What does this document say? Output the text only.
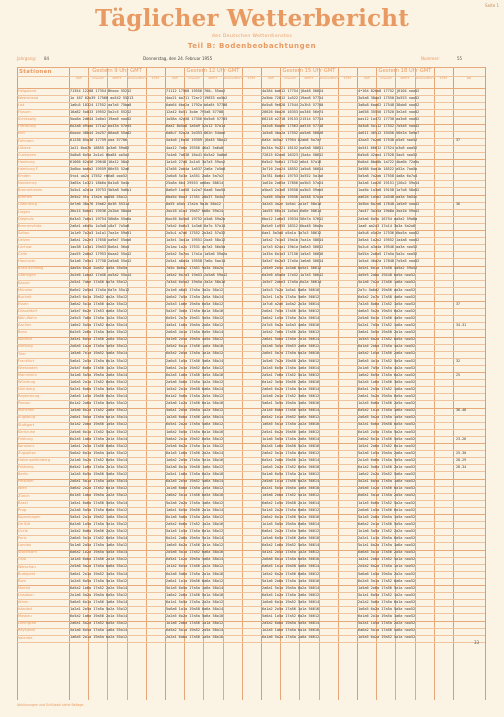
Seite 1
Täglicher Wetterbericht
des Deutschen Wetterdienstes
Teil B: Bodenbeobachtungen
Jahrgang: 84	Donnerstag, den 24. Februar 1955	Nummer:	55
Stationen	Gestern 9 Uhr GMT
ddff	VVwwW	PPPTT	NhCLhCMCH	TdTd
Gestern 12 Uhr GMT
ddff	VVwwW	PPPTT	NhCLhCMCH	TdTd
Gestern 15 Uhr GMT
ddff	VVwwW	PPPTT	NhCLhCMCH	TdTd
Gestern 18 Uhr GMT
ddff	VVwwW	PPPTT	NhCLhCMCH	TdTd	RR
Helgoland	71354 12208 17354 Bhooo 55212	71112 17568 19556 760— 55ao2	4o284 ba612 17754 ]6a48 56624	4•164 82kb8 17752 ]6104 noo52
Westerland	1o 167 62o39 17560 ao542 55213	4oo21 ba711 72ar2 19833 oo5o2	2o5bb 72812 1o522 19ao8 57714	3o5a8 38aa3 17550 3o553 nao52
List	1a6u5 18324 17552 aa7a5 75ba8	6ab64 6be2a 1792a b6a8t 57708	6o5o8 9e828 17544 2u3h5 57740	3a8o8 6ao62 17548 38ob6 noo52
Husum	16a82 5o833 19552 5o2c5 55212	12a42 6o51 3o4m 7f5a8 57708	26626 6bo26 16353 oo346 56e74	1a658 35556 17520 3e2a5 noo52
Schleswig	5oo8a 2d644 2o6a1 19ao6 noo52	1o58a 42g58 17356 6o5o6 57703	66218 o2718 19153 21514 57714	oas12 1o472 17730 aa3o6 noo52
Flensburg	6o2a8 o94ao 171a2 bo43a 57e94	6aa2 8o5a8 1a5a9 52o12 57a14	5a2o8 6ao6b 17563 aa516 57718	5a3o8 5o112 17552 7o5a5 noo52
Kiel	6oooo 48844 2o257 86ao8 55a82	6a8u7 52o2a 2o353 862n 54ao6	1o5o8 4ba2a 17552 oo5a6 56826	4o611 46512 19456 56e2a 5a9o7
Fehmarn	61238 85o36 17759 ooa 57706	5a4o6 ]6a56 19359 ]6a45 58o12	6a5a 4o5a2 17954 82ab8 5o7a7	42oa3 7o2a6 17538 o5a5 noo52	37
Lübeck	1o21 6oa7b 18855 1o3a6 59a82	4oa12 7a6a 19356 46a2 5a6o8	6o34a 9o221 16152 oa5a8 58611	4o541 66612 17524 o3o8 oaa52
Cuxhaven	5o8o8 6o5a 2o1o1 6ba84 oo5o2	7o4a6 7a638 16o41 6o5a2 5a6o6	72815 62oa8 16323 ]5a4o 58612	6a5o8 42ao4 17528 3ao5 noo52
Hamburg	61666 62o56 29648 16a12 58a2	1a1a5 27a8 2o1a5 3a7a3 59os2	6a5o2 9o6a1 17542 a6o4 57a16	6o8a4 8bo8b 1a722 4ba6b 72a5u
Hamburg F.	3o6bo ba6a2 19559 86e35 52a6	47a56 2ab4a 1a537 2a6a 7o5o8	3o716 2oo24 18552 1a5o8 56614	3a588 6aa1b 18522 a52a 7oa5o
Emden	5to4 ua2o 17552 rb6a8 ooo52	2o6o8 5o3a 1a351 2o8a 5a7o2	3a781 8o6a1 19753 3o552 5a1s6	5a5a8 7a2ab 17558 4a8a 6o7u4
Norderney	3a65a 1o321 18b6a 8a1o8 5a4o	25o8a 6b4 29553 oe8ao 58614	1o61b 2a65a 17856 oo5b3 57o24	3a2a6 1oo26 19151 ]26o2 59o14
Bremerhaven	3o5o1 a2a1a 19753 5b5a8 5a6u1	8a6o9 1aa58 1o2a7 6aa8 5ao54	a5ba3 2o3o8 19558 oo5b3 59ao5	1oa5b 1a3a8 19158 1a7o8 58o52
Bremen	3e5o2 5to 17a2a oo858 55o12	6ba5o 6oo3 17351 28o37 5o4u7	7ua56 45o5a 19556 1o548 57o1a	aa62b 1a5b2 2o548 aa3a 5a54c
Oldenburg	5e7a6 38o76 19a62 8o36 55314	8a55 o5a5 17a2a 9a1b 58o12	3a2a3 4a2e 1o5a1 2o1a7 58o16	3o5ba 8a7a6 17648 1a5a9 noo52	36
Lingen	36o14 6o6d1 19536 2o2ba 58o5a	3oo16 o1a4 19a57 6b8o 59a14	1ao55 66o14 1o5a4 6o6e 58614	7ao47 3a35a 19b8a 3oa1b 59o52
Diepholz	6a3a3 7o6a1 19754 56b8a 55o6o	6oo36 8o5o8 19752 a3a8 59a2o	6bo12 1a6a3 19534 56e7a 57612	2a5a6 6a5o 16754 oa5a2 59a8a
Bremervörde	2a6a1 o6a5u 1o3a8 u8a7 7o5a8	7a5a2 6a6u3 1o3a6 8a7o 57a14	8a5a9 1o555 18312 6ba48 56o2o	1aa6 aa2u3 17o14 3a3a 5a2o8
Soltau	1o1a9 7o2a3 1o1a1 7oa1e 59a51	2o5u1 a7a6 17552 2o3a2 57o32	6aa1 5a3a8 o5a1a 3a7o3 58612	4a5u8 o5a2e 17536 6bo5a noo52
Uelzen	3a6a1 2o2e3 17658 oa9a7 55oo6	1a3e1 3a41a 19551 2oa5 58o12	1a5a2 7o1a3 19a1b 7oa1a 58614	3a5a4 1a2o2 19552 1a4a8 noo52
Lüchow	1ao38 1o3a1 19a53 8o6a1 56o4	2o1ao 1a2u 17531 oo7a2 56o5a	1a7a3 62ua1 19b1a 3a6a3 56612	5o2u4 a3a4a 19546 aa3a noo52
Celle	2ao55 2a6a2 17953 6oaa2 55o12	2o5a2 5a7ou 17a1a 1a5a6 59a2o	1a35a 6o1a3 17156 1a5a3 56616	5a55a 2o6a5 17a5a 5a2o noo52
Hannover	5a1a6 7a5a1 17758 2a5a8 55o12	2o5a1 a8a4a 19558 7a6o 5ao14	3a5a7 6o2a3 17a5a 1a6a6 56614	1o5a4 46a2a 17848 7o5a5 noo52
Braunschweig	4ao5a 6o2a 2oa52 4a5a 55o5a	7a5o 8o6a2 17a51 9a3a 56o2o	2a5a9 2o5u 1o3a8 6o5a1 56612	3o5a1 6a1a 17o58 4a5a2 59o52
Göttingen	3o2e6 1o6a2 17a56 oo5a2 55o14	1a5a2 6o7a3 19a53 2o5a8 59a12	6a2e6 a5a6a 17o52 1o7a3 56612	4a5e5 2a8o 19448 6a5a noo52
Kassel	2o5a1 7a6e 17a56 8o7a 55o12	7a3a4 6o5a2 19a5a 3a2a 58o16	1o5e7 2a6e3 17a5a 6o2a 56614	5o1a6 7o2a 17a56 1a6a noo52
Münster	6o6e2 2a5a4 17a5a 6a7a 55o12	2o1e6 a8a5 17a5a 3a2o 58o12	1a5o3 7o2a 1o5a1 8a6a 56616	2a7u 5a6a2 19a56 aa3a noo52
Bocholt	2a5e3 6o1a 19a52 aa2a 55o12	4o6a2 7a5a 17a5a 2a5a 58o14	3o2e1 1a7a 17a5a 5a6e 56612	6a5a2 2a7o 17a58 4a6a noo52
Essen	3a6a2 5o1a 17a56 4a2a 55o12	2o5a3 1a6e 19a5a 6o5a 58o12	1a7u6 a2a6 1o5a2 2o3a 56614	7a2a5 8o6a 17a52 1a5a noo52	37
Düsseldorf	1a5a7 6o2e 17a53 aa6a 55o12	5a2a7 3o6a 17a5a 8a1a 58o16	2o6a1 7a5a 17a56 3o5a 56612	4a6a3 5o2a 19a54 6a2a noo52
Köln-Wahn	2a5o3 7a6a 17a5a 1o2a 55o12	6o5e1 2a7a 19a51 5a5a 58o12	3a6a2 1o5a 17a5a 7a2a 56614	2o5a6 6a1a 17a56 4a5e noo52
Aachen	1a6e2 5o5a 17a52 6a2a 55o14	4a5a1 1o6a 19a5a 2o6a 58o12	2a7o5 5a2a 1o5a3 4a6a 56616	5o2a1 7a5a 17a52 1a6a noo52	34-31
Bonn	6a2e5 2o6a 17a5a 3a5a 55o12	2o6a5 4a1a 17a5a 6a5e 58o14	1o5a2 7a6a 17a56 2a5a 56612	3a6a1 5o5a 19a58 2a1a noo52
Koblenz	3a5a1 6a5a 17a56 2o6a 55o12	5a1e6 2o5a 19a5a 4a5a 58o12	2a6a1 5o6a 17a5a 7a1a 56614	1o5a3 6a2a 17a52 6a5a noo52
Nürburg	2o6a5 1a2a 17a5a 5a5a 55o12	3a5a2 6a1a 17a56 1o6a 58o16	5a2a6 3o5a 19a53 2a6a 56612	6a1a4 2o6a 17a5a 4a2a noo52
Trier	1a5a6 7o1a 19a52 5a6a 55o14	6o5a2 2a5a 17a5a 3a1a 58o12	2o6e1 5a7a 17a5a 6a2a 56616	4a5a2 1o5a 17a56 2a6a noo52
Frankfurt	5a6a1 2o5a 17a5a 6o1a 55o12	2a6o5 1a5a 17a56 5a6a 58o14	1o5a6 7a2a 19a58 2a5a 56612	3a6a5 4o1a 17a52 5a5a noo52	32
Wiesbaden	2o5a7 6a6a 17a56 1a2a 55o12	5a6a1 2o1a 19a52 6a5a 58o12	3a2a5 6o5a 17a5a 1a6a 56614	2o1a6 7a5a 17a5a 4a2a noo52
Mannheim	3a1a6 5o5a 19a5a 2a6a 55o14	6o2a5 1a6a 17a56 3a5a 58o16	2a5a1 7o6a 17a52 5a1a 56612	1a6a2 6o5a 17a5a 6a2a noo52	25
Würzburg	1o6a5 2a1a 17a52 6a5a 55o12	2a5a6 5o6a 17a5a 1a2a 58o12	6a1a2 3o5a 19a56 2a6a 56616	5a2a5 1o6a 17a56 3a5a noo52
Nürnberg	5a2a1 6o6a 17a5a 3a5a 55o12	1o5a2 2a1a 19a58 6a6a 58o14	2a6a5 6o2a 17a5a 5a1a 56614	6a5a1 2o5a 17a52 1a6a noo52
Regensburg	2a6a5 1o5a 19a56 6a2a 55o14	6a1a2 5o6a 17a5a 2a5a 58o12	1o5a6 2a1a 17a52 3a6a 56612	2a6a1 5o2a 19a5a 6a5a noo52
Passau	6o1a2 2a6a 17a5a 5a5a 55o12	2a5a6 1o2a 17a56 6a1a 58o16	5a6a1 3o5a 19a5a 1a6a 56616	1o2a5 6a6a 17a56 2a5a noo52
München	1a5a6 6o2a 17a52 2a6a 55o12	5o6a1 2a5a 19a5a 1a2a 58o12	2a1a5 6o6a 17a56 5a5a 56614	6a5a2 1o1a 17a5a 3a6a noo52	36-48
Augsburg	2o6a1 5a5a 17a5a 6a1a 55o14	1a2a5 6o6a 17a56 2a5a 58o14	6a5a2 1o1a 19a52 5a6a 56612	2o6a5 5a2a 17a5a 1a5a noo52
Stuttgart	5a1a2 2o6a 19a56 1a5a 55o12	6o5a1 2a2a 17a5a 5a6a 58o12	1a6a5 5o1a 17a5a 2a2a 56616	5a2a1 6o6a 19a58 6a5a noo52
Karlsruhe	2a5a6 6o1a 17a52 5a2a 55o12	1o6a2 5a5a 17a5a 6a1a 58o16	2a5a1 6o2a 19a56 1a6a 56612	6a1a5 2o5a 17a5a 5a2a noo52
Freiburg	6o2a5 1a6a 17a5a 2a1a 55o14	5a6a2 2o1a 19a52 6a5a 58o12	1o1a6 5a5a 17a5a 2a6a 56614	2a6a2 6o1a 17a56 5a5a noo52	23-26
Konstanz	1a6a1 2o5a 17a56 6a6a 55o12	2o5a6 6a2a 17a5a 1a1a 58o12	6a2a5 1o6a 19a58 5a2a 56616	1o5a1 2a6a 17a52 6a1a noo52
Zugspitze	5o6a2 6a1a 19a5a 1a5a 55o12	6a1a5 1o6a 17a56 2a2a 58o14	2a6a2 5o1a 17a5a 6a5a 56612	5a2a6 1o5a 19a5a 2a6a noo52	25-30
Hohenpeißenberg	2a1a6 5o2a 17a52 6a5a 55o14	1o6a2 2a5a 17a5a 5a1a 58o16	6a5a1 2o6a 19a56 1a2a 56614	2o1a5 6a6a 17a5a 5a5a noo52	28-29
Feldberg	6a5a2 1o6a 17a5a 2a1a 55o12	5a2a6 6o1a 19a58 1a6a 58o12	1o6a5 2a2a 17a52 6a5a 56616	6a1a2 5o6a 17a56 2a1a noo52	28-34
Berlin	1a2a5 6o5a 19a56 5a6a 55o12	2o5a1 1a6a 17a5a 6a2a 58o16	5a1a6 6o5a 17a5a 2a1a 56612	1a6a2 2o2a 19a52 5a6a noo52
Potsdam	2o6a1 5a1a 17a5a 1a5a 55o14	6a2a5 2o5a 19a52 5a6a 58o14	2a5a6 1o1a 17a56 6a2a 56614	5o2a1 6a5a 17a5a 1a6a noo52
Wien	5a6a2 2o2a 17a52 6a1a 55o12	1o1a6 6a6a 17a5a 2a5a 58o12	6a2a1 5o5a 19a5a 1a6a 56616	2a5a6 1o2a 17a56 6a1a noo52
Zürich	6o1a5 1a6a 19a5a 2a2a 55o12	2a6a2 5o1a 17a56 6a5a 58o16	1a5a6 2o6a 17a52 5a1a 56612	6o6a1 5a1a 17a5a 2a5a noo52
Basel	1a5a1 6o6a 17a56 5a5a 55o14	5o2a6 2a2a 17a5a 1a6a 58o12	6a6a2 1o5a 19a58 2a1a 56614	1a1a5 6o6a 17a52 5a2a noo52
Prag	2o2a6 5a5a 17a5a 6a6a 55o12	1a6a1 6o5a 19a56 2a1a 58o14	5a1a5 2o2a 17a5a 6a6a 56612	2o6a6 1a5a 17a56 6a1a noo52
Kopenhagen	5a5a1 2o1a 19a52 1a6a 55o14	6o1a6 5a6a 17a5a 2a5a 58o12	2a6a2 6o1a 17a56 5a2a 56616	5a1a5 2o6a 19a5a 1a5a noo52
De Bilt	6a2a6 1o5a 17a5a 5a1a 55o12	2a5a2 6o6a 17a52 1a2a 58o16	1o1a5 5a5a 19a5a 6a6a 56614	6a6a2 2o1a 17a56 5a5a noo52
Uccle	1o5a2 6a6a 19a56 2a2a 55o12	5a1a5 1o5a 17a5a 6a1a 58o12	6a6a1 2o2a 17a5a 5a6a 56612	1o1a6 5a5a 17a52 2a2a noo52
Paris	2a6a5 5o1a 17a52 6a5a 55o14	6o2a1 2a6a 19a5a 5a1a 58o14	1a5a6 6o5a 17a56 2a6a 56616	2a2a1 1o1a 19a5a 6a5a noo52
London	5o1a6 2a5a 17a5a 1a6a 55o12	1a6a5 6o2a 17a56 2a1a 58o12	6a5a2 1o6a 19a52 5a5a 56614	5o1a1 6a2a 17a5a 1a6a noo52
Stockholm	6a6a2 1o2a 19a5a 5a5a 55o14	2o5a6 5a1a 17a52 6a6a 58o16	5a1a1 2o5a 17a5a 1a2a 56612	6a6a5 5o1a 17a56 2a5a noo52
Oslo	1a1a5 6o6a 17a56 2a1a 55o12	6a5a1 1o2a 19a5a 5a6a 58o14	2o6a6 6a1a 17a5a 6a5a 56616	1a2a1 2o6a 17a52 5a1a noo52
Warschau	2o5a6 5a2a 17a5a 6a6a 55o12	1a1a2 6o5a 17a56 2a2a 58o12	6a6a5 1o1a 19a58 5a6a 56614	2o5a2 6a2a 17a5a 1a1a noo52
Budapest	5a6a1 2o1a 19a52 1a5a 55o14	6o2a6 5a6a 17a5a 2a1a 58o16	1a5a2 6o2a 17a56 6a6a 56612	5a6a6 1o5a 19a5a 2a2a noo52
Rom	1o2a5 6a5a 17a5a 5a1a 55o12	2a6a1 1o1a 19a56 6a6a 58o12	5a1a6 2o6a 17a5a 1a5a 56616	6o2a5 5a1a 17a52 6a6a noo52
Madrid	6a5a2 1o6a 17a52 2a2a 55o14	5o1a5 6a5a 17a5a 1a6a 58o14	2a6a1 5o1a 19a5a 6a2a 56614	1a5a6 2o6a 17a56 5a1a noo52
Lissabon	2o1a6 5a2a 19a5a 6a5a 55o12	1a6a2 2o6a 17a56 5a1a 58o16	6a5a5 1o2a 17a5a 2a6a 56612	5o1a1 6a5a 17a52 1a2a noo52
Athen	5a6a5 6o1a 17a56 1a6a 55o14	6a1a1 5o5a 17a5a 2a2a 58o12	1o6a6 6a1a 19a52 5a5a 56614	2a2a2 5o6a 17a5a 6a1a noo52
Istanbul	1a2a1 2o5a 17a5a 5a2a 55o12	5o6a6 1a1a 19a58 6a6a 58o14	6a1a2 2o5a 17a56 1a1a 56616	1o6a5 6a2a 17a5a 5a5a noo52
Moskau	6o5a2 1a6a 19a56 2a1a 55o14	2a2a5 6o2a 17a5a 5a6a 58o16	5a6a1 1o5a 17a52 6a2a 56612	6a1a6 2o1a 19a5a 1a6a noo52
Leningrad	2a6a1 5o2a 17a52 6a5a 55o12	1o1a6 2a6a 17a56 1a1a 58o12	2a5a2 6o6a 19a5a 5a5a 56614	5o2a1 1a5a 17a5a 2a2a noo52
Reykjavik	5a1a6 6o5a 17a5a 1a6a 55o14	6a5a2 5o1a 19a52 2a5a 58o14	1o2a5 1a6a 17a5a 6a1a 56616	6a6a2 5o1a 17a56 5a6a noo52
Valentia	1a6a5 2o1a 19a5a 6a2a 55o12	2o2a1 6a6a 17a56 1a5a 58o16	6a1a6 5o2a 17a5a 2a6a 56612	1o5a5 6a2a 19a52 5a1a noo52
33
Abkürzungen und Schlüssel siehe Beilage
